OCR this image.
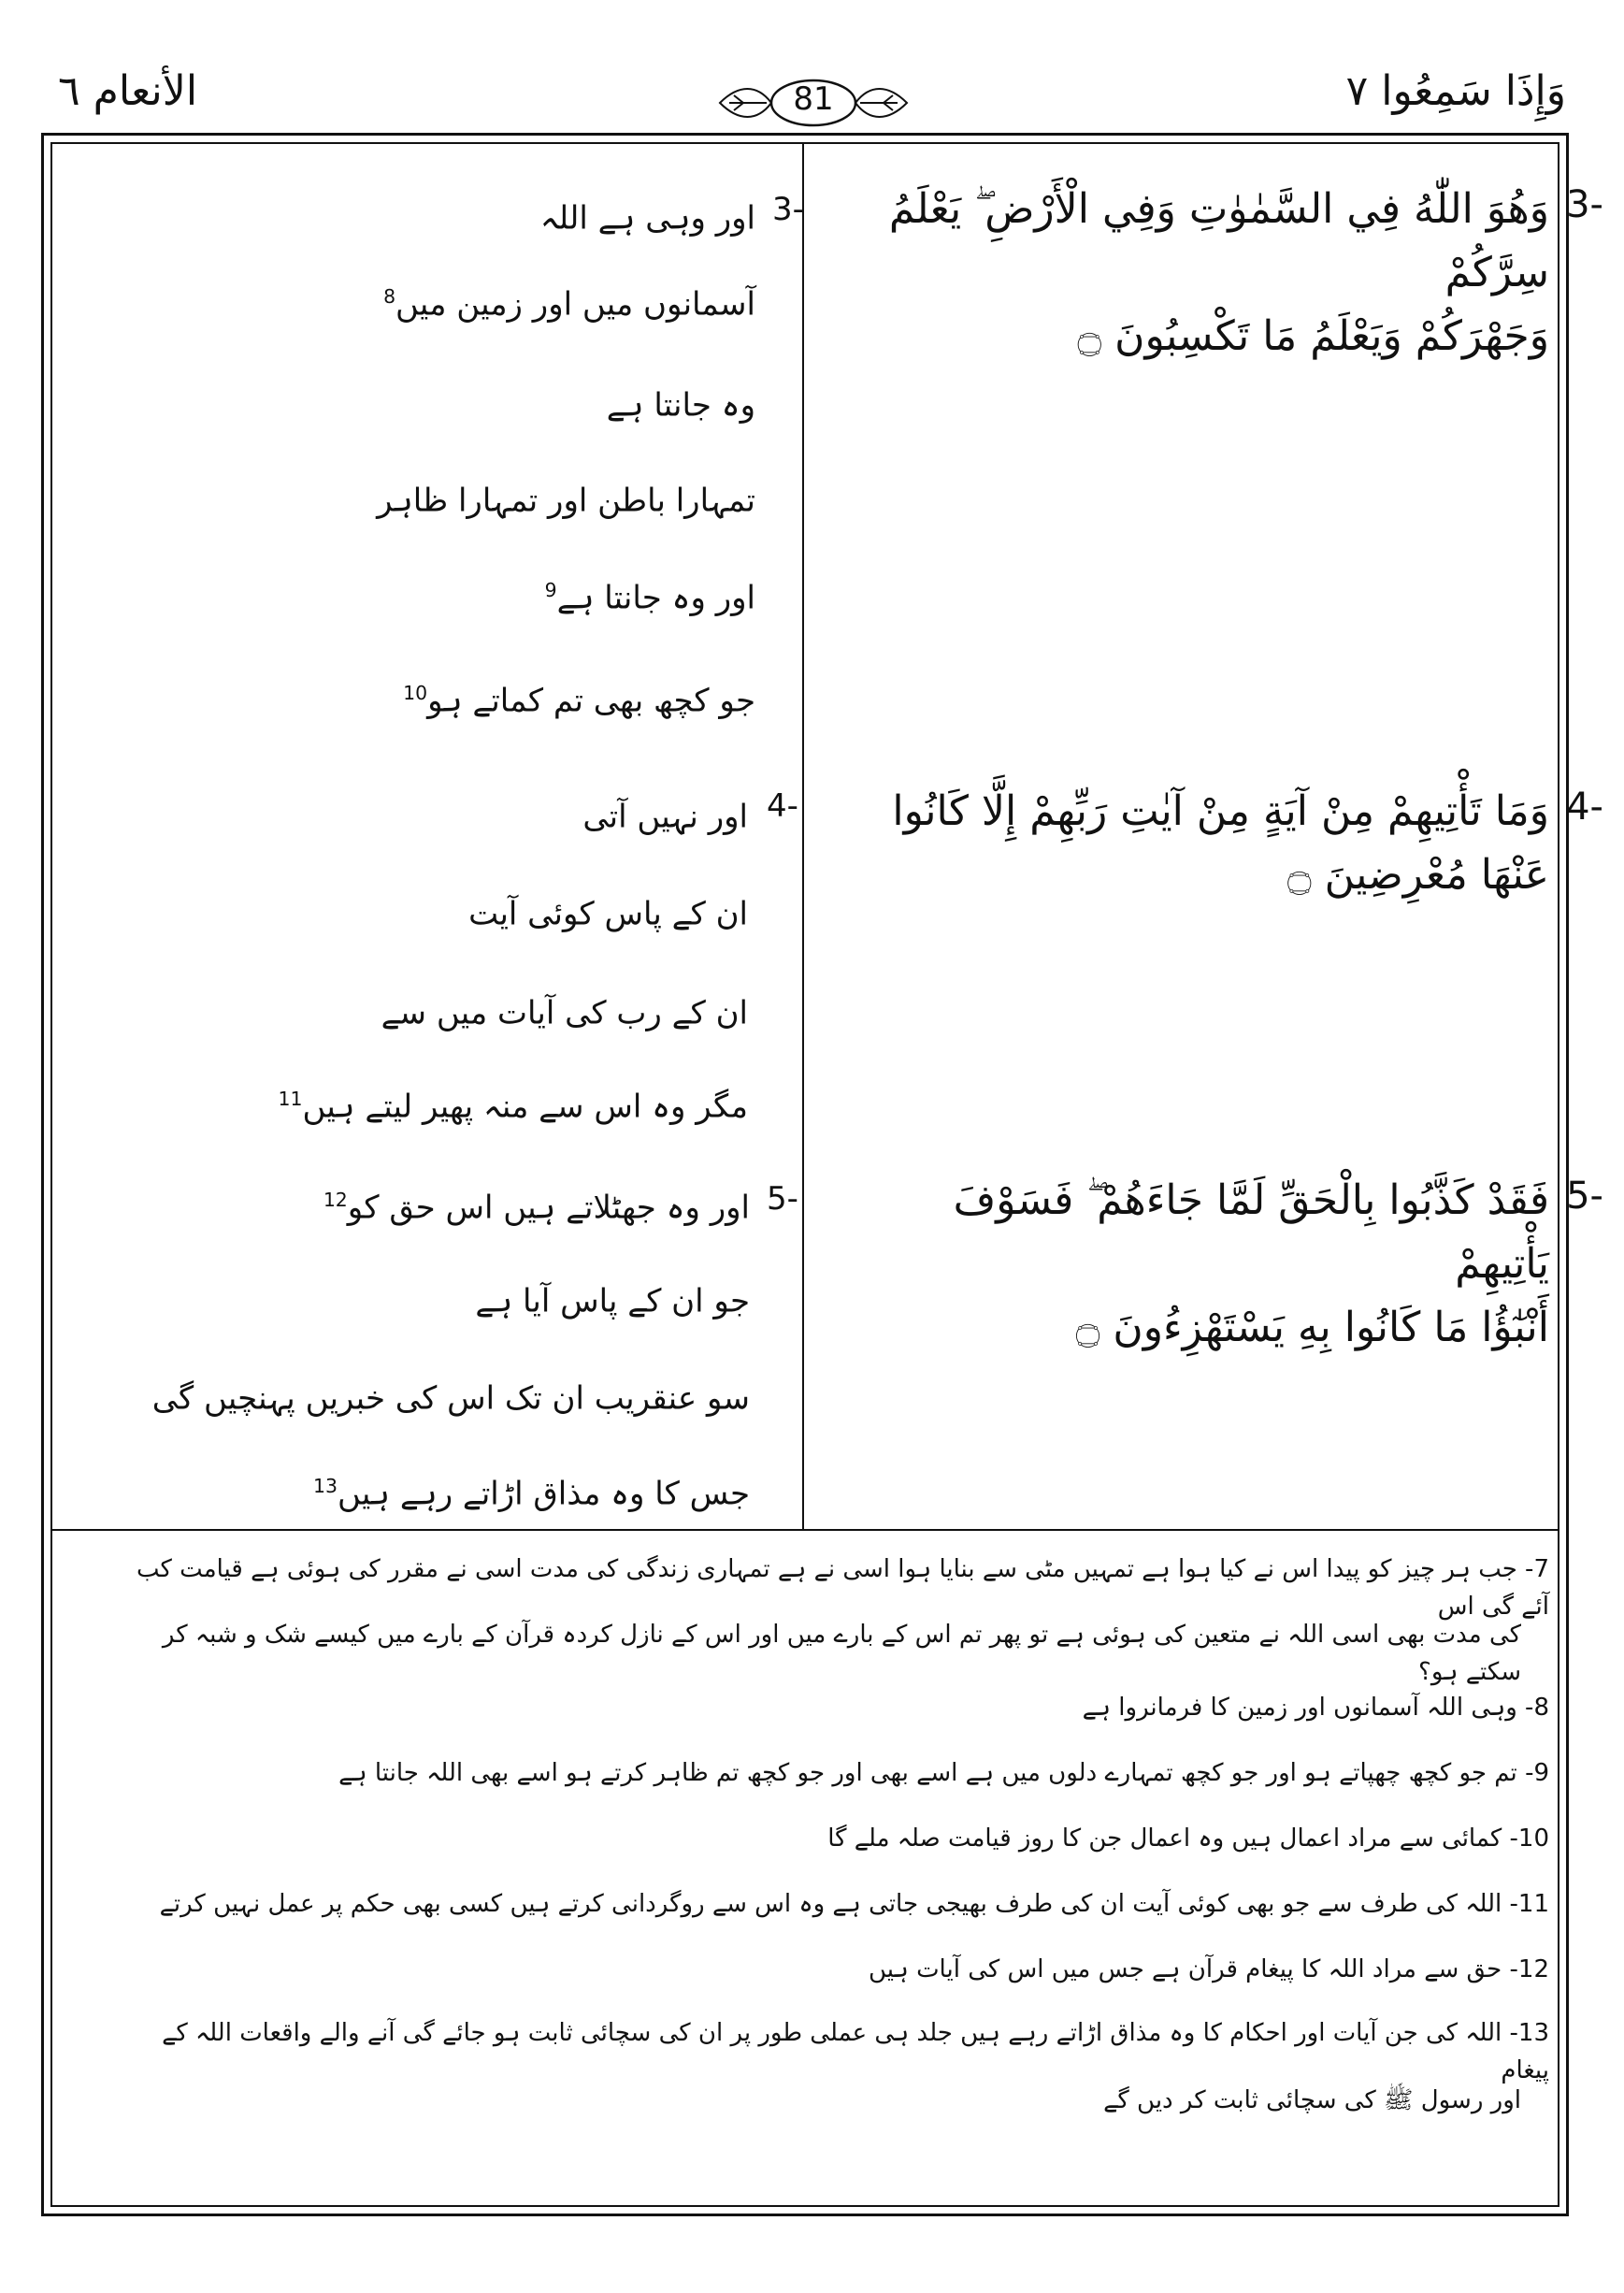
الأنعام ٦	81	وَإِذَا سَمِعُوا ٧
وَهُوَ اللّٰهُ فِي السَّمٰوٰتِ وَفِي الْأَرْضِ ۖ يَعْلَمُ سِرَّكُمْ
وَجَهْرَكُمْ وَيَعْلَمُ مَا تَكْسِبُونَ ۝
3-
وَمَا تَأْتِيهِمْ مِنْ آيَةٍ مِنْ آيٰتِ رَبِّهِمْ إِلَّا كَانُوا
عَنْهَا مُعْرِضِينَ ۝
4-
فَقَدْ كَذَّبُوا بِالْحَقِّ لَمَّا جَاءَهُمْ ۖ فَسَوْفَ يَأْتِيهِمْ
أَنْبٰٓؤُا مَا كَانُوا بِهِ يَسْتَهْزِءُونَ ۝
5-
3-
اور وہی ہے اللہ
آسمانوں میں اور زمین میں$^8$
وہ جانتا ہے
تمہارا باطن اور تمہارا ظاہر
اور وہ جانتا ہے$^9$
جو کچھ بھی تم کماتے ہو$^{10}$
4-
اور نہیں آتی
ان کے پاس کوئی آیت
ان کے رب کی آیات میں سے
مگر وہ اس سے منہ پھیر لیتے ہیں$^{11}$
5-
اور وہ جھٹلاتے ہیں اس حق کو$^{12}$
جو ان کے پاس آیا ہے
سو عنقریب ان تک اس کی خبریں پہنچیں گی
جس کا وہ مذاق اڑاتے رہے ہیں$^{13}$
7- جب ہر چیز کو پیدا اس نے کیا ہوا ہے تمہیں مٹی سے بنایا ہوا اسی نے ہے تمہاری زندگی کی مدت اسی نے مقرر کی ہوئی ہے قیامت کب آئے گی اس
کی مدت بھی اسی اللہ نے متعین کی ہوئی ہے تو پھر تم اس کے بارے میں اور اس کے نازل کردہ قرآن کے بارے میں کیسے شک و شبہ کر سکتے ہو؟
8- وہی اللہ آسمانوں اور زمین کا فرمانروا ہے
9- تم جو کچھ چھپاتے ہو اور جو کچھ تمہارے دلوں میں ہے اسے بھی اور جو کچھ تم ظاہر کرتے ہو اسے بھی اللہ جانتا ہے
10- کمائی سے مراد اعمال ہیں وہ اعمال جن کا روز قیامت صلہ ملے گا
11- اللہ کی طرف سے جو بھی کوئی آیت ان کی طرف بھیجی جاتی ہے وہ اس سے روگردانی کرتے ہیں کسی بھی حکم پر عمل نہیں کرتے
12- حق سے مراد اللہ کا پیغام قرآن ہے جس میں اس کی آیات ہیں
13- اللہ کی جن آیات اور احکام کا وہ مذاق اڑاتے رہے ہیں جلد ہی عملی طور پر ان کی سچائی ثابت ہو جائے گی آنے والے واقعات اللہ کے پیغام
اور رسول ﷺ کی سچائی ثابت کر دیں گے
